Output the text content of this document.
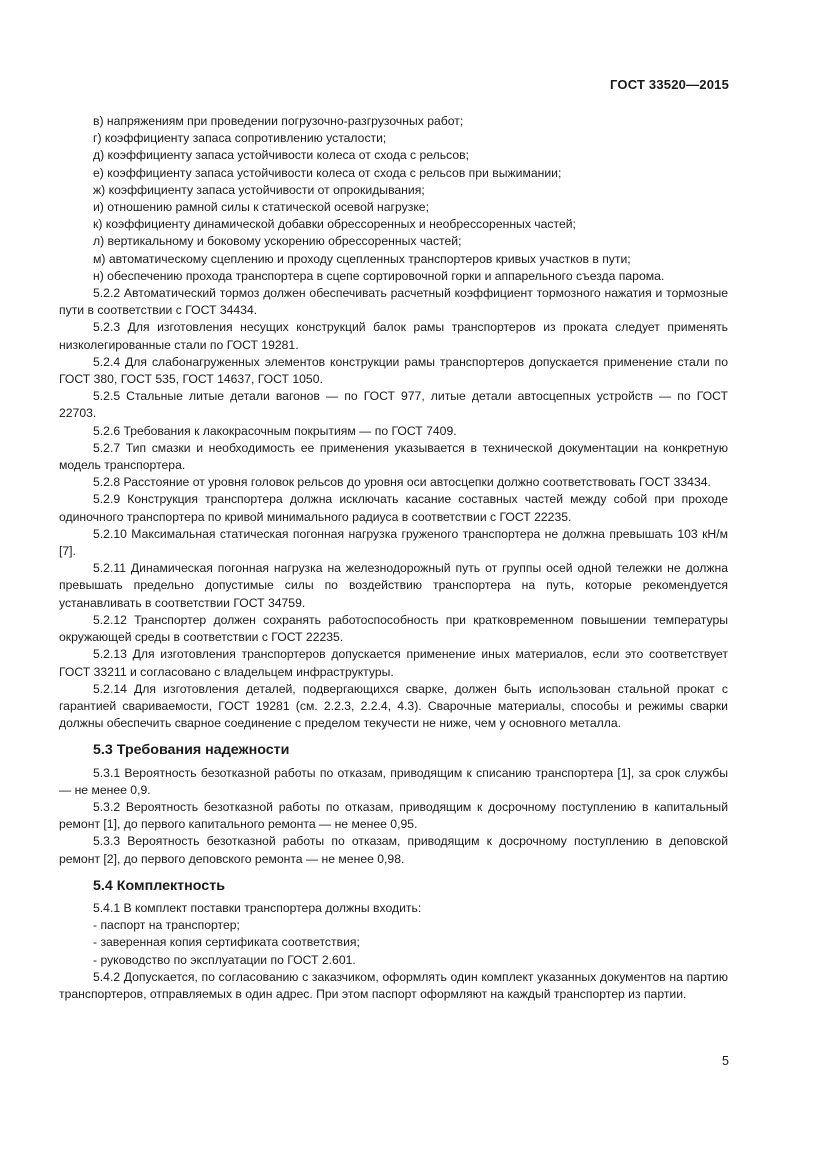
ГОСТ 33520—2015

в) напряжениям при проведении погрузочно-разгрузочных работ;

г) коэффициенту запаса сопротивлению усталости;

д) коэффициенту запаса устойчивости колеса от схода с рельсов;

е) коэффициенту запаса устойчивости колеса от схода с рельсов при выжимании;

ж) коэффициенту запаса устойчивости от опрокидывания;

и) отношению рамной силы к статической осевой нагрузке;

к) коэффициенту динамической добавки обрессоренных и необрессоренных частей;

л) вертикальному и боковому ускорению обрессоренных частей;

м) автоматическому сцеплению и проходу сцепленных транспортеров кривых участков в пути;

н) обеспечению прохода транспортера в сцепе сортировочной горки и аппарельного съезда парома.

5.2.2 Автоматический тормоз должен обеспечивать расчетный коэффициент тормозного нажатия и тормозные пути в соответствии с ГОСТ 34434.

5.2.3 Для изготовления несущих конструкций балок рамы транспортеров из проката следует применять низколегированные стали по ГОСТ 19281.

5.2.4 Для слабонагруженных элементов конструкции рамы транспортеров допускается применение стали по ГОСТ 380, ГОСТ 535, ГОСТ 14637, ГОСТ 1050.

5.2.5 Стальные литые детали вагонов — по ГОСТ 977, литые детали автосцепных устройств — по ГОСТ 22703.

5.2.6 Требования к лакокрасочным покрытиям — по ГОСТ 7409.

5.2.7 Тип смазки и необходимость ее применения указывается в технической документации на конкретную модель транспортера.

5.2.8 Расстояние от уровня головок рельсов до уровня оси автосцепки должно соответствовать ГОСТ 33434.

5.2.9 Конструкция транспортера должна исключать касание составных частей между собой при проходе одиночного транспортера по кривой минимального радиуса в соответствии с ГОСТ 22235.

5.2.10 Максимальная статическая погонная нагрузка груженого транспортера не должна превышать 103 кН/м [7].

5.2.11 Динамическая погонная нагрузка на железнодорожный путь от группы осей одной тележки не должна превышать предельно допустимые силы по воздействию транспортера на путь, которые рекомендуется устанавливать в соответствии ГОСТ 34759.

5.2.12 Транспортер должен сохранять работоспособность при кратковременном повышении температуры окружающей среды в соответствии с ГОСТ 22235.

5.2.13 Для изготовления транспортеров допускается применение иных материалов, если это соответствует ГОСТ 33211 и согласовано с владельцем инфраструктуры.

5.2.14 Для изготовления деталей, подвергающихся сварке, должен быть использован стальной прокат с гарантией свариваемости, ГОСТ 19281 (см. 2.2.3, 2.2.4, 4.3). Сварочные материалы, способы и режимы сварки должны обеспечить сварное соединение с пределом текучести не ниже, чем у основного металла.

5.3 Требования надежности

5.3.1 Вероятность безотказной работы по отказам, приводящим к списанию транспортера [1], за срок службы — не менее 0,9.

5.3.2 Вероятность безотказной работы по отказам, приводящим к досрочному поступлению в капитальный ремонт [1], до первого капитального ремонта — не менее 0,95.

5.3.3 Вероятность безотказной работы по отказам, приводящим к досрочному поступлению в деповской ремонт [2], до первого деповского ремонта — не менее 0,98.

5.4 Комплектность

5.4.1 В комплект поставки транспортера должны входить:

- паспорт на транспортер;

- заверенная копия сертификата соответствия;

- руководство по эксплуатации по ГОСТ 2.601.

5.4.2 Допускается, по согласованию с заказчиком, оформлять один комплект указанных документов на партию транспортеров, отправляемых в один адрес. При этом паспорт оформляют на каждый транспортер из партии.

5
